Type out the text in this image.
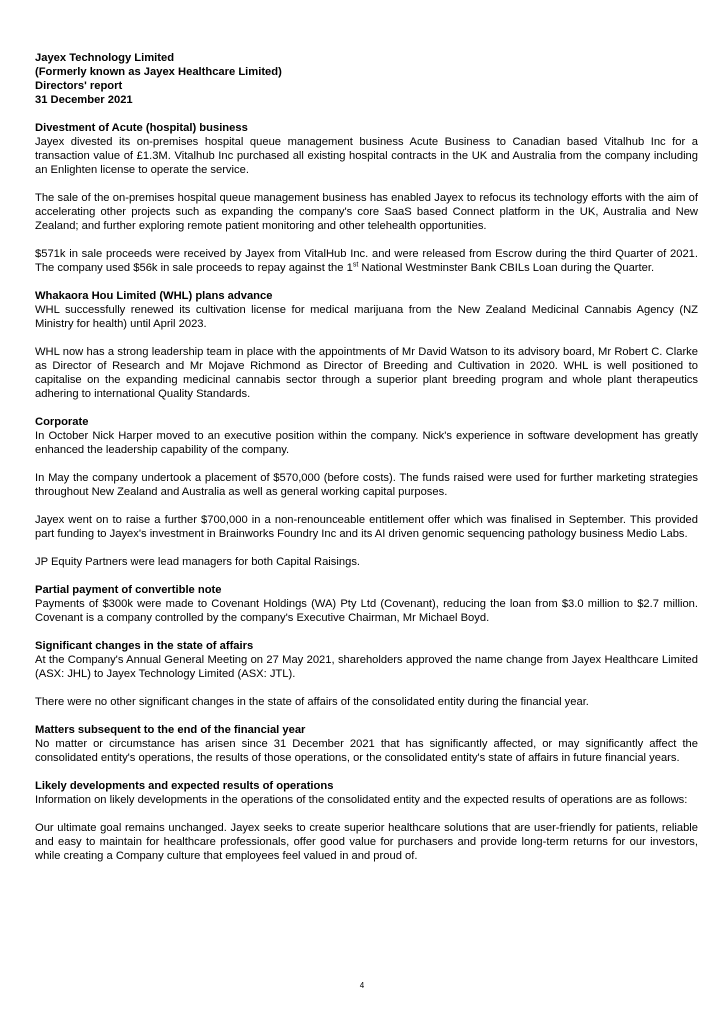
Jayex Technology Limited

(Formerly known as Jayex Healthcare Limited)

Directors' report

31 December 2021

Divestment of Acute (hospital) business

Jayex divested its on-premises hospital queue management business Acute Business to Canadian based Vitalhub Inc for a transaction value of £1.3M. Vitalhub Inc purchased all existing hospital contracts in the UK and Australia from the company including an Enlighten license to operate the service.

The sale of the on-premises hospital queue management business has enabled Jayex to refocus its technology efforts with the aim of accelerating other projects such as expanding the company's core SaaS based Connect platform in the UK, Australia and New Zealand; and further exploring remote patient monitoring and other telehealth opportunities.

$571k in sale proceeds were received by Jayex from VitalHub Inc. and were released from Escrow during the third Quarter of 2021. The company used $56k in sale proceeds to repay against the 1st National Westminster Bank CBILs Loan during the Quarter.

Whakaora Hou Limited (WHL) plans advance

WHL successfully renewed its cultivation license for medical marijuana from the New Zealand Medicinal Cannabis Agency (NZ Ministry for health) until April 2023.

WHL now has a strong leadership team in place with the appointments of Mr David Watson to its advisory board, Mr Robert C. Clarke as Director of Research and Mr Mojave Richmond as Director of Breeding and Cultivation in 2020. WHL is well positioned to capitalise on the expanding medicinal cannabis sector through a superior plant breeding program and whole plant therapeutics adhering to international Quality Standards.

Corporate

In October Nick Harper moved to an executive position within the company. Nick's experience in software development has greatly enhanced the leadership capability of the company.

In May the company undertook a placement of $570,000 (before costs). The funds raised were used for further marketing strategies throughout New Zealand and Australia as well as general working capital purposes.

Jayex went on to raise a further $700,000 in a non-renounceable entitlement offer which was finalised in September. This provided part funding to Jayex's investment in Brainworks Foundry Inc and its AI driven genomic sequencing pathology business Medio Labs.

JP Equity Partners were lead managers for both Capital Raisings.

Partial payment of convertible note

Payments of $300k were made to Covenant Holdings (WA) Pty Ltd (Covenant), reducing the loan from $3.0 million to $2.7 million. Covenant is a company controlled by the company's Executive Chairman, Mr Michael Boyd.

Significant changes in the state of affairs

At the Company's Annual General Meeting on 27 May 2021, shareholders approved the name change from Jayex Healthcare Limited (ASX: JHL) to Jayex Technology Limited (ASX: JTL).

There were no other significant changes in the state of affairs of the consolidated entity during the financial year.

Matters subsequent to the end of the financial year

No matter or circumstance has arisen since 31 December 2021 that has significantly affected, or may significantly affect the consolidated entity's operations, the results of those operations, or the consolidated entity's state of affairs in future financial years.

Likely developments and expected results of operations

Information on likely developments in the operations of the consolidated entity and the expected results of operations are as follows:

Our ultimate goal remains unchanged. Jayex seeks to create superior healthcare solutions that are user-friendly for patients, reliable and easy to maintain for healthcare professionals, offer good value for purchasers and provide long-term returns for our investors, while creating a Company culture that employees feel valued in and proud of.

4
